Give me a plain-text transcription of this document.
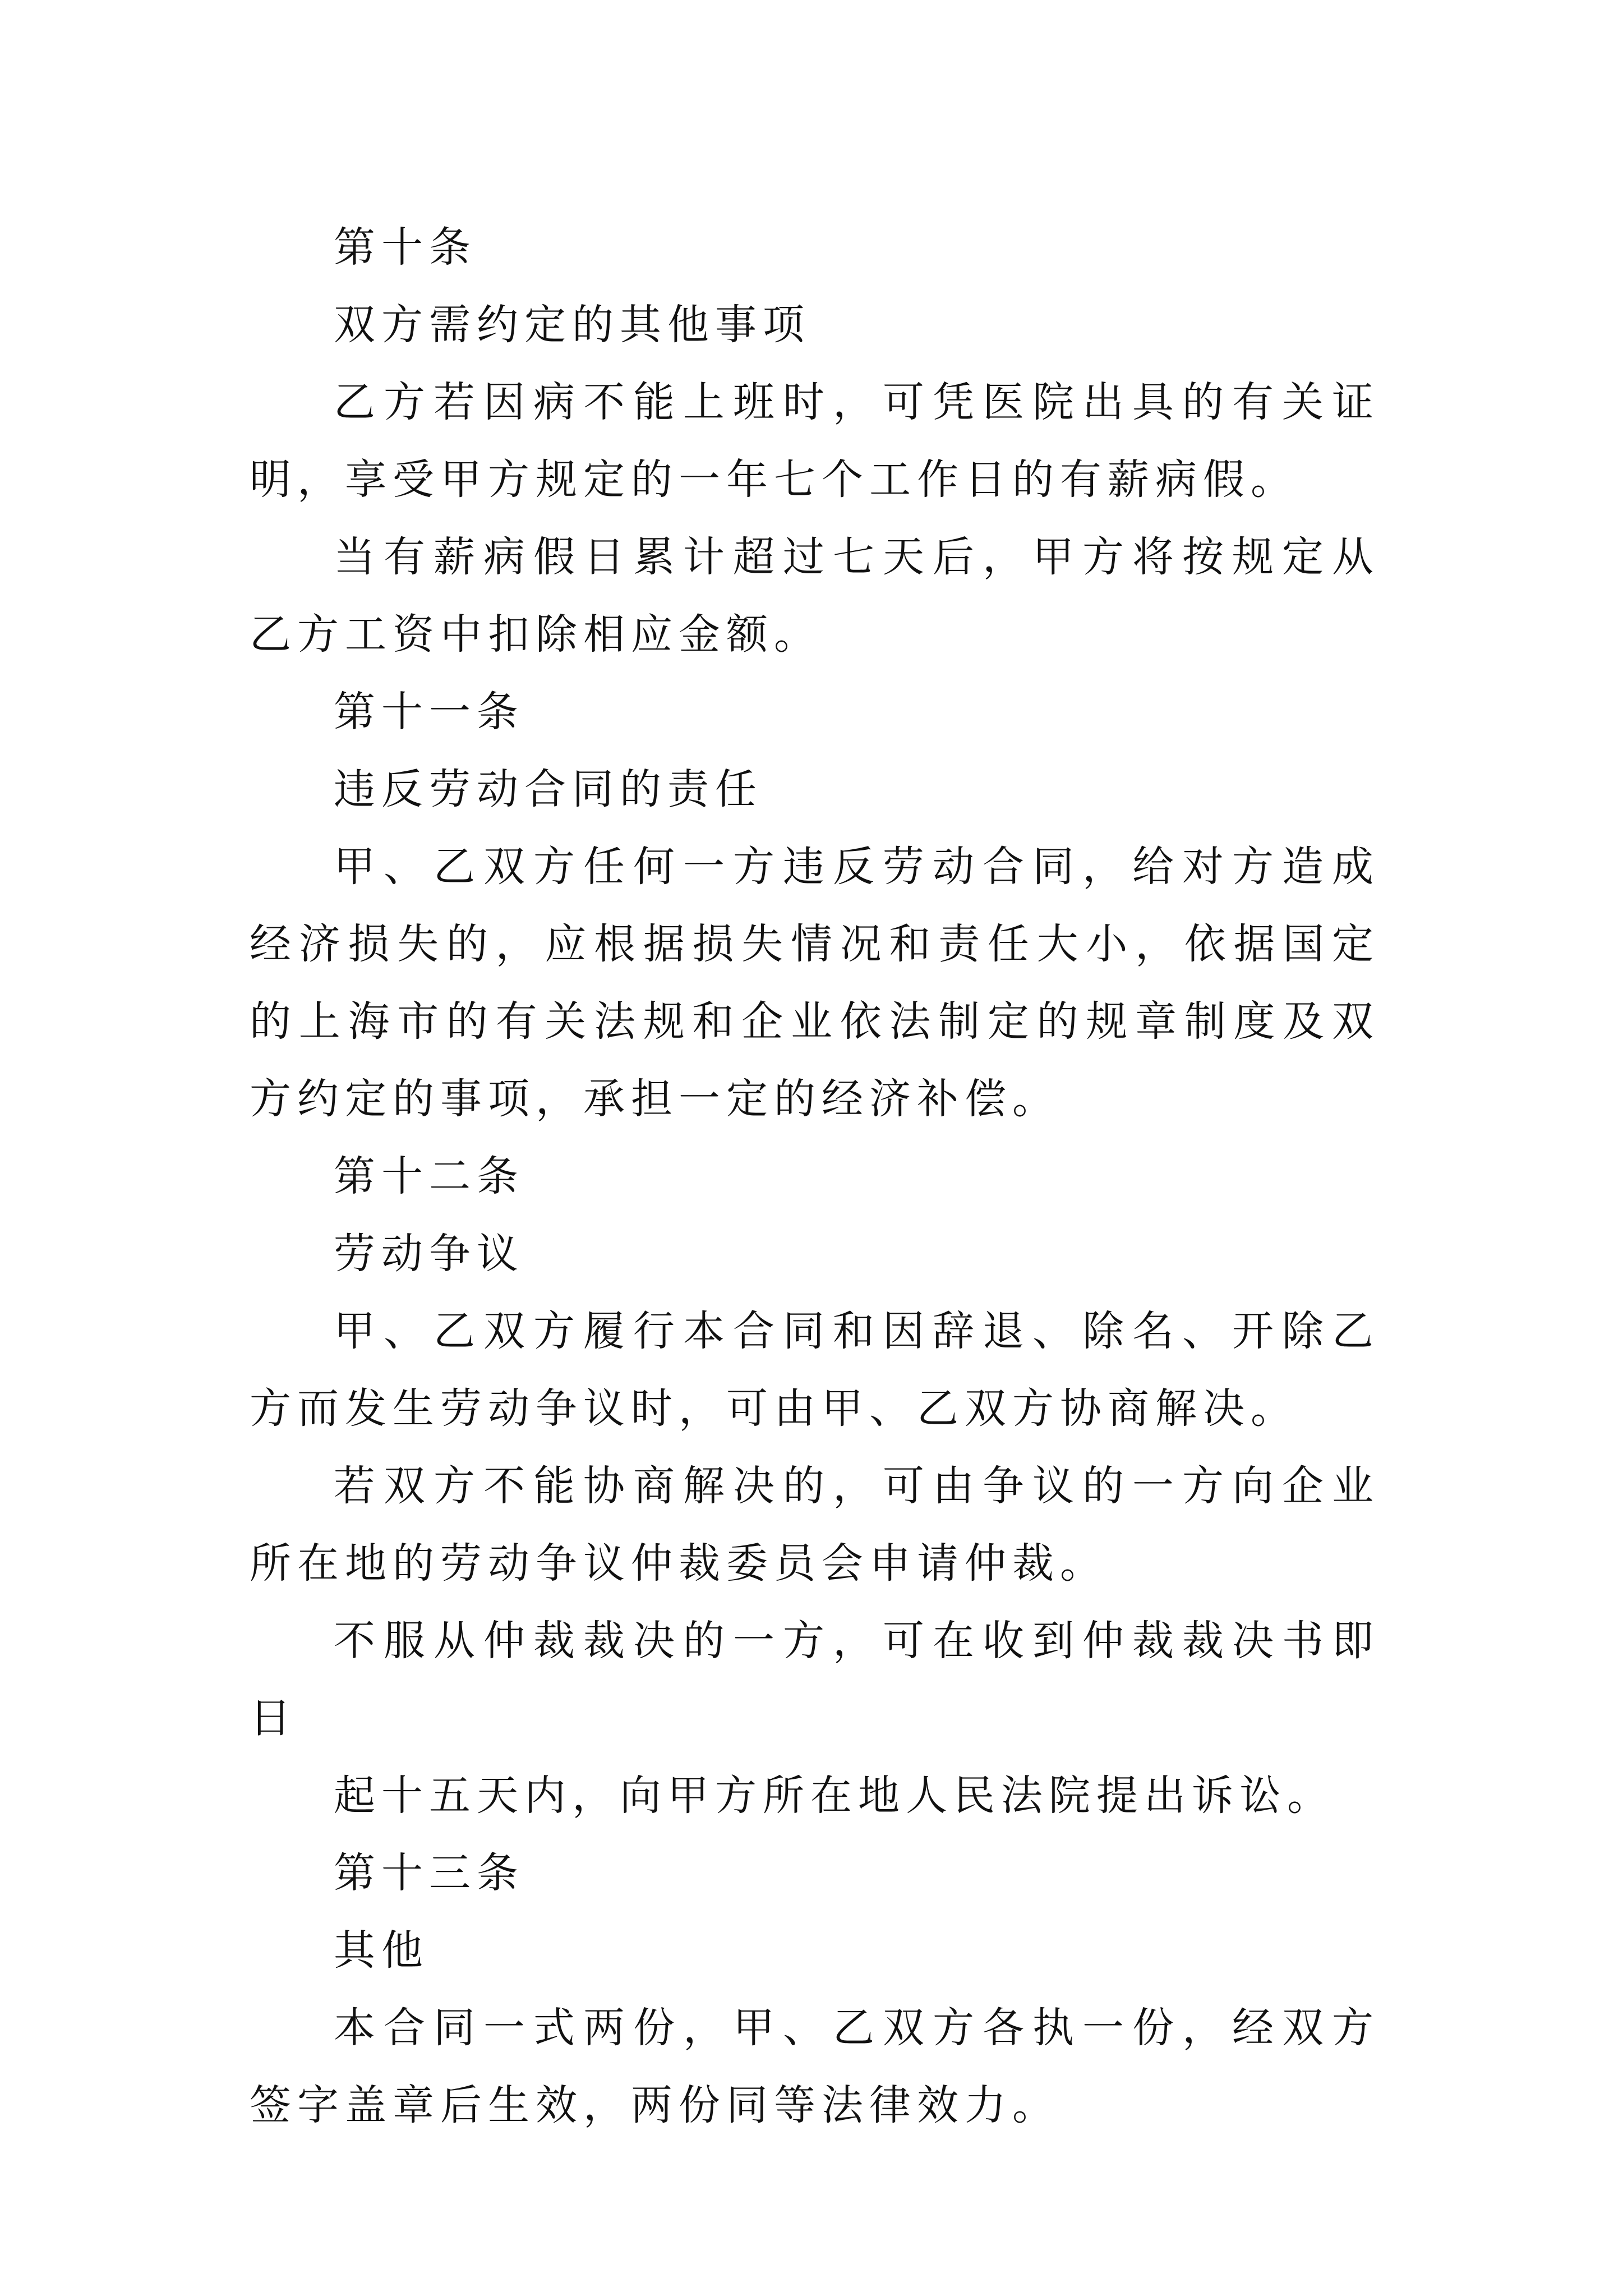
第十条

双方需约定的其他事项

乙方若因病不能上班时，可凭医院出具的有关证明，享受甲方规定的一年七个工作日的有薪病假。

当有薪病假日累计超过七天后，甲方将按规定从乙方工资中扣除相应金额。

第十一条

违反劳动合同的责任

甲、乙双方任何一方违反劳动合同，给对方造成经济损失的，应根据损失情况和责任大小，依据国定的上海市的有关法规和企业依法制定的规章制度及双方约定的事项，承担一定的经济补偿。

第十二条

劳动争议

甲、乙双方履行本合同和因辞退、除名、开除乙方而发生劳动争议时，可由甲、乙双方协商解决。

若双方不能协商解决的，可由争议的一方向企业所在地的劳动争议仲裁委员会申请仲裁。

不服从仲裁裁决的一方，可在收到仲裁裁决书即日

起十五天内，向甲方所在地人民法院提出诉讼。

第十三条

其他

本合同一式两份，甲、乙双方各执一份，经双方签字盖章后生效，两份同等法律效力。
